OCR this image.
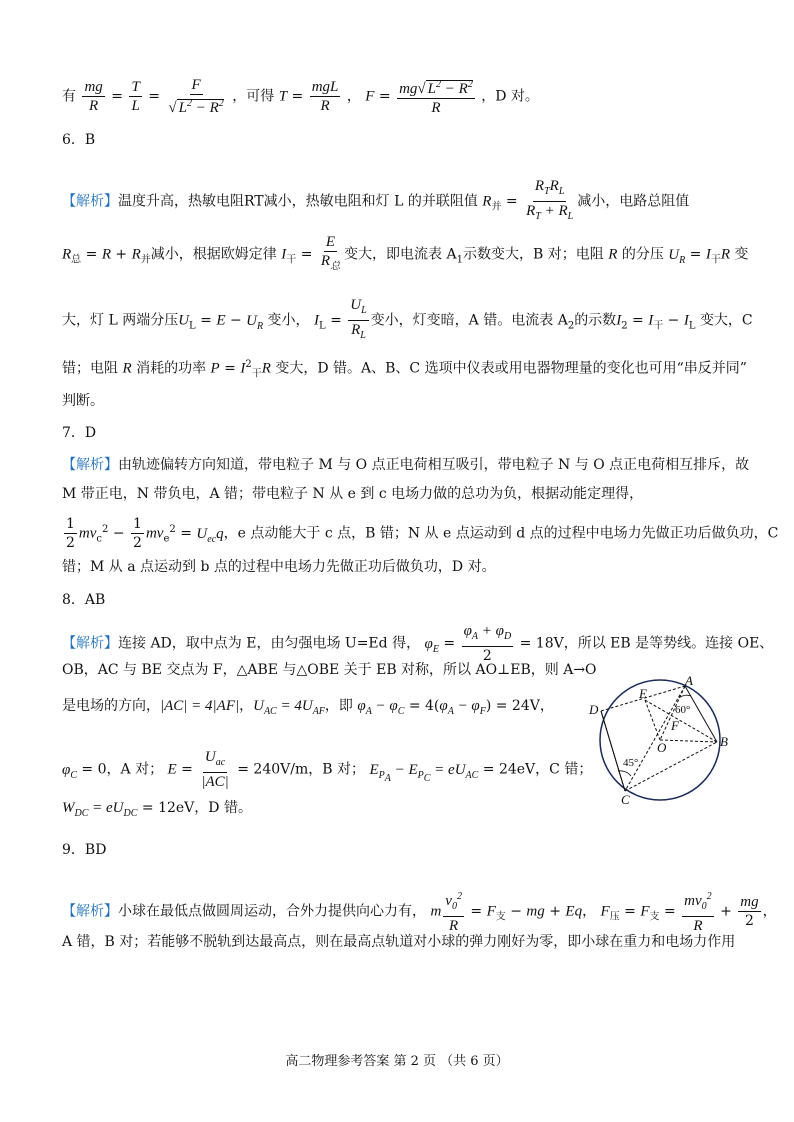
有 $\frac{mg}{R} = \frac{T}{L} = \frac{F}{√ L^2 - R^2}$ ，可得 $T = \frac{\text{mgL}}{R}$ ， $F = \frac{mg√ L^2 - R^2}{R}$ ，D 对。
6．B
【解析】温度升高，热敏电阻RT减小，热敏电阻和灯 L 的并联阻值 $R_并 = \frac{R_TR_L}{R_T + R_L}$ 减小，电路总阻值
$R_总 = R + R_并$减小，根据欧姆定律 $I_干 = \frac{E}{R_总}$ 变大，即电流表 $A_1$示数变大，B 对；电阻 R 的分压 $U_R = I_干R$ 变
大，灯 L 两端分压$U_L = E - U_R$ 变小， $I_L = \frac{U_L}{R_L}$ 变小，灯变暗，A 错。电流表 $A_2$的示数$I_2 = I_干 - I_L$ 变大，C
错；电阻 R 消耗的功率 $P = I^2_干R$ 变大，D 错。A、B、C 选项中仪表或用电器物理量的变化也可用“串反并同”
判断。
7．D
【解析】由轨迹偏转方向知道，带电粒子 M 与 O 点正电荷相互吸引，带电粒子 N 与 O 点正电荷相互排斥，故
M 带正电，N 带负电，A 错；带电粒子 N 从 e 到 c 电场力做的总功为负，根据动能定理得，
$\frac{1}{2} mv_c^2 - \frac{1}{2} mv_e^2 = U_{ec}q$，e 点动能大于 c 点，B 错；N 从 e 点运动到 d 点的过程中电场力先做正功后做负功，C
错；M 从 a 点运动到 b 点的过程中电场力先做正功后做负功，D 对。
8．AB
【解析】连接 AD，取中点为 E，由匀强电场 U=Ed 得， $\varphi_E = \frac{\varphi_A + \varphi_D}{2} = 18V$，所以 EB 是等势线。连接 OE、
OB，AC 与 BE 交点为 F，△ABE 与△OBE 关于 EB 对称，所以 AO⊥EB，则 A→O
是电场的方向，|AC| = 4|AF|，$U_{AC} = 4U_{AF}$，即 $\varphi_A - \varphi_C = 4(\varphi_A - \varphi_F) = 24V$，
$\varphi_C = 0$，A 对； $E = \frac{U_{ac}}{|AC|} = 240V/m$，B 对； $E_{P_A} - E_{P_C} = eU_{AC} = 24eV$，C 错；
$W_{DC} = eU_{DC} = 12eV$，D 错。
A
B
C
D
E
F
O
60°
45°
9．BD
【解析】小球在最低点做圆周运动，合外力提供向心力有， m $\frac{v_0^2}{R} = F_支$ − mg + Eq， $F_压 = F_支 = \frac{mv_0^2}{R} + \frac{mg}{2}$ ，
A 错，B 对；若能够不脱轨到达最高点，则在最高点轨道对小球的弹力刚好为零，即小球在重力和电场力作用
高二物理参考答案 第 2 页 （共 6 页）
